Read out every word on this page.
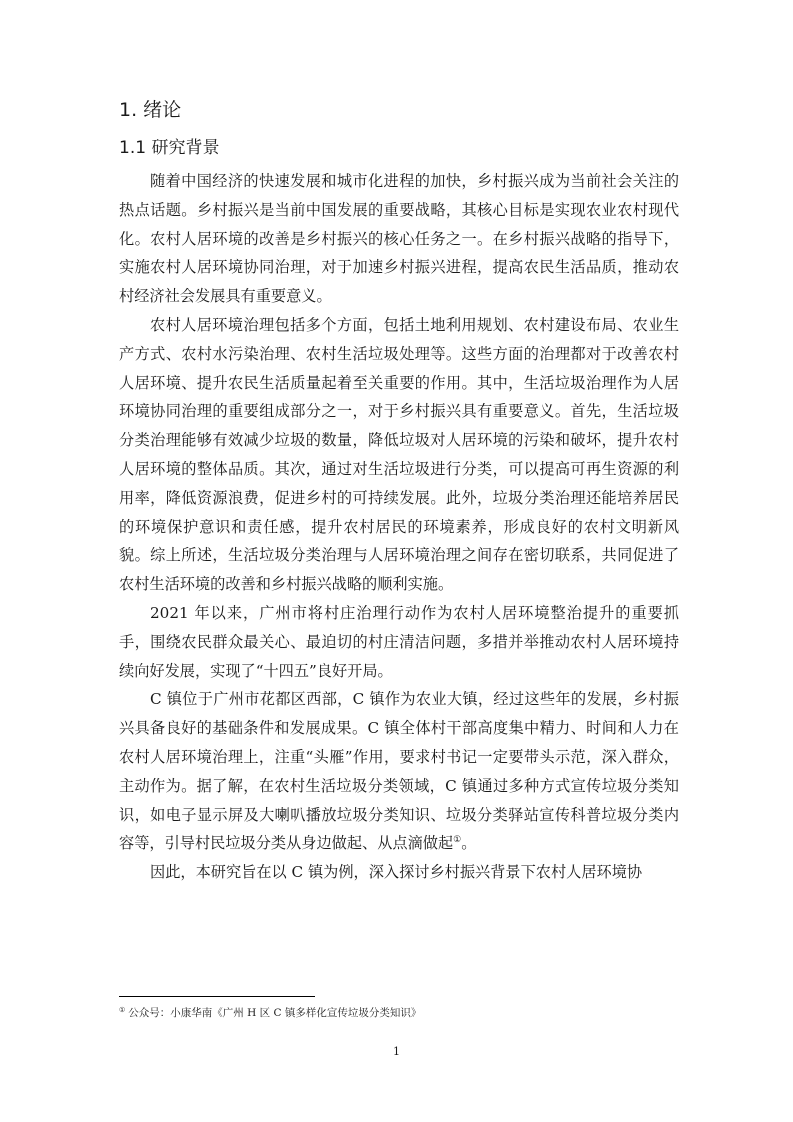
1. 绪论
1.1 研究背景

随着中国经济的快速发展和城市化进程的加快，乡村振兴成为当前社会关注的热点话题。乡村振兴是当前中国发展的重要战略，其核心目标是实现农业农村现代化。农村人居环境的改善是乡村振兴的核心任务之一。在乡村振兴战略的指导下，实施农村人居环境协同治理，对于加速乡村振兴进程，提高农民生活品质，推动农村经济社会发展具有重要意义。

农村人居环境治理包括多个方面，包括土地利用规划、农村建设布局、农业生产方式、农村水污染治理、农村生活垃圾处理等。这些方面的治理都对于改善农村人居环境、提升农民生活质量起着至关重要的作用。其中，生活垃圾治理作为人居环境协同治理的重要组成部分之一，对于乡村振兴具有重要意义。首先，生活垃圾分类治理能够有效减少垃圾的数量，降低垃圾对人居环境的污染和破坏，提升农村人居环境的整体品质。其次，通过对生活垃圾进行分类，可以提高可再生资源的利用率，降低资源浪费，促进乡村的可持续发展。此外，垃圾分类治理还能培养居民的环境保护意识和责任感，提升农村居民的环境素养，形成良好的农村文明新风貌。综上所述，生活垃圾分类治理与人居环境治理之间存在密切联系，共同促进了农村生活环境的改善和乡村振兴战略的顺利实施。

2021 年以来，广州市将村庄治理行动作为农村人居环境整治提升的重要抓手，围绕农民群众最关心、最迫切的村庄清洁问题，多措并举推动农村人居环境持续向好发展，实现了“十四五”良好开局。

C 镇位于广州市花都区西部，C 镇作为农业大镇，经过这些年的发展，乡村振兴具备良好的基础条件和发展成果。C 镇全体村干部高度集中精力、时间和人力在农村人居环境治理上，注重“头雁”作用，要求村书记一定要带头示范，深入群众，主动作为。据了解，在农村生活垃圾分类领域，C 镇通过多种方式宣传垃圾分类知识，如电子显示屏及大喇叭播放垃圾分类知识、垃圾分类驿站宣传科普垃圾分类内容等，引导村民垃圾分类从身边做起、从点滴做起①。

因此，本研究旨在以 C 镇为例，深入探讨乡村振兴背景下农村人居环境协

① 公众号：小康华南《广州 H 区 C 镇多样化宣传垃圾分类知识》
1
